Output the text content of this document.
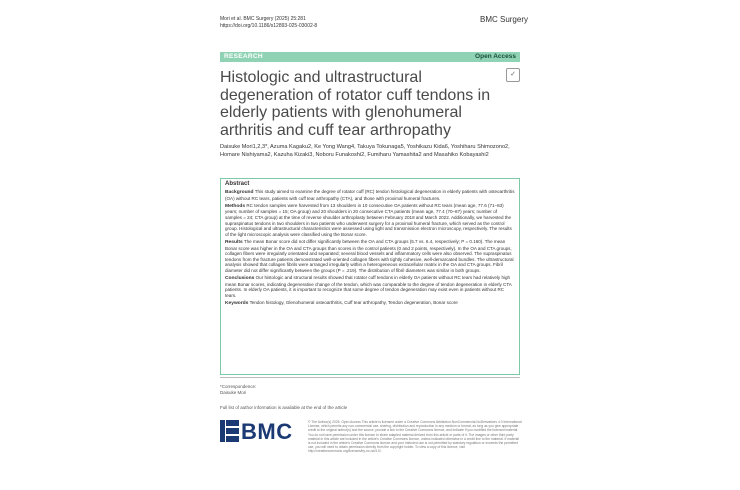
Mori et al. BMC Surgery (2025) 25:281
https://doi.org/10.1186/s12893-025-03002-8
BMC Surgery
RESEARCH	Open Access
Histologic and ultrastructural degeneration of rotator cuff tendons in elderly patients with glenohumeral arthritis and cuff tear arthropathy
✓
Daisuke Mori1,2,3*, Azuma Kagaku2, Ke Yong Wang4, Takuya Tokunaga5, Yoshikazu Kida6, Yoshiharu Shimozono2, Homare Nishiyama2, Kazuha Kizaki3, Noboru Funakoshi2, Fumiharu Yamashita2 and Masahiko Kobayashi2
Abstract

Background This study aimed to examine the degree of rotator cuff (RC) tendon histological degeneration in elderly patients with osteoarthritis (OA) without RC tears, patients with cuff tear arthropathy (CTA), and those with proximal humeral fractures.

Methods RC tendon samples were harvested from 13 shoulders in 10 consecutive OA patients without RC tears (mean age, 77.6 (71–83) years; number of samples = 15; OA group) and 20 shoulders in 20 consecutive CTA patients (mean age, 77.4 (70–87) years; number of samples = 24; CTA group) at the time of reverse shoulder arthroplasty between February 2018 and March 2022. Additionally, we harvested the supraspinatus tendons in two shoulders in two patients who underwent surgery for a proximal humeral fracture, which served as the control group. Histological and ultrastructural characteristics were assessed using light and transmission electron microscopy, respectively. The results of the light microscopic analysis were classified using the Bonar score.

Results The mean Bonar score did not differ significantly between the OA and CTA groups (5.7 vs. 6.4, respectively; P = 0.160). The mean Bonar score was higher in the OA and CTA groups than scores in the control patients (0 and 2 points, respectively). In the OA and CTA groups, collagen fibers were irregularly orientated and separated; several blood vessels and inflammatory cells were also observed. The supraspinatus tendons from the fracture patients demonstrated well-oriented collagen fibers with tightly cohesive, well-demarcated bundles. The ultrastructural analysis showed that collagen fibrils were arranged irregularly within a heterogeneous extracellular matrix in the OA and CTA groups. Fibril diameter did not differ significantly between the groups (P = .219). The distribution of fibril diameters was similar in both groups.

Conclusions Our histologic and structural results showed that rotator cuff tendons in elderly OA patients without RC tears had relatively high mean Bonar scores, indicating degenerative change of the tendon, which was comparable to the degree of tendon degeneration in elderly CTA patients. In elderly OA patients, it is important to recognize that some degree of tendon degeneration may exist even in patients without RC tears.

Keywords Tendon histology, Glenohumeral osteoarthritis, Cuff tear arthropathy, Tendon degeneration, Bonar score

*Correspondence:
Daisuke Mori
Full list of author information is available at the end of the article
BMC	© The Author(s) 2025. Open Access This article is licensed under a Creative Commons Attribution-NonCommercial-NoDerivatives 4.0 International License, which permits any non-commercial use, sharing, distribution and reproduction in any medium or format, as long as you give appropriate credit to the original author(s) and the source, provide a link to the Creative Commons licence, and indicate if you modified the licensed material. You do not have permission under this licence to share adapted material derived from this article or parts of it. The images or other third party material in this article are included in the article's Creative Commons licence, unless indicated otherwise in a credit line to the material. If material is not included in the article's Creative Commons licence and your intended use is not permitted by statutory regulation or exceeds the permitted use, you will need to obtain permission directly from the copyright holder. To view a copy of this licence, visit http://creativecommons.org/licenses/by-nc-nd/4.0/.
